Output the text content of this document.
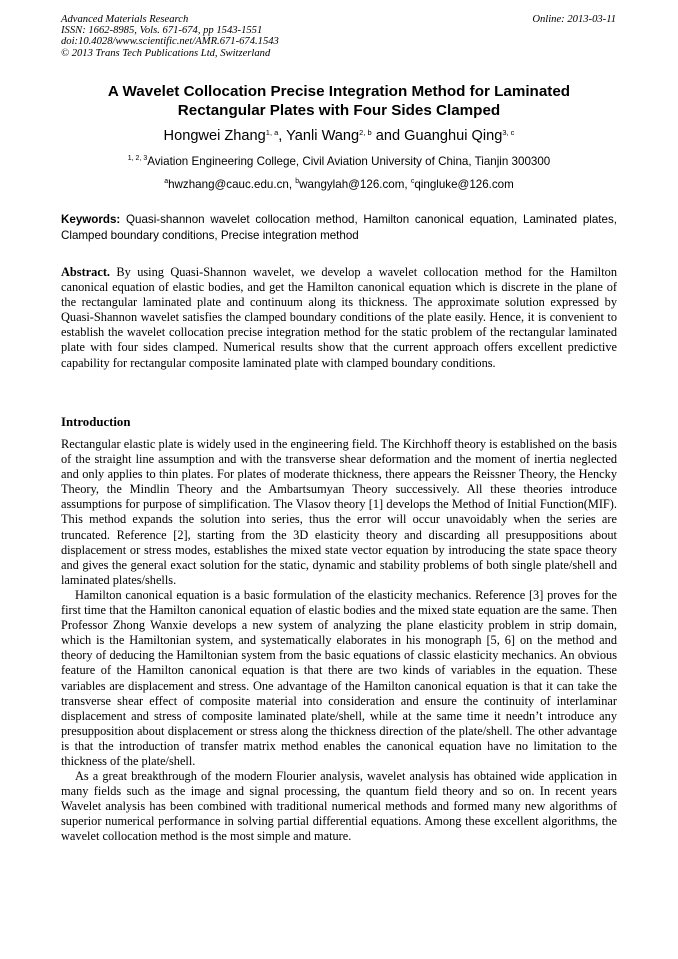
Advanced Materials Research
ISSN: 1662-8985, Vols. 671-674, pp 1543-1551
doi:10.4028/www.scientific.net/AMR.671-674.1543
© 2013 Trans Tech Publications Ltd, Switzerland
Online: 2013-03-11
A Wavelet Collocation Precise Integration Method for Laminated
Rectangular Plates with Four Sides Clamped
Hongwei Zhang$^{1, a}$, Yanli Wang$^{2, b}$ and Guanghui Qing$^{3, c}$
$^{1, 2, 3}$Aviation Engineering College, Civil Aviation University of China, Tianjin 300300
$^a$hwzhang@cauc.edu.cn, $^b$wangylah@126.com, $^c$qingluke@126.com
Keywords: Quasi-shannon wavelet collocation method, Hamilton canonical equation, Laminated plates, Clamped boundary conditions, Precise integration method
Abstract. By using Quasi-Shannon wavelet, we develop a wavelet collocation method for the Hamilton canonical equation of elastic bodies, and get the Hamilton canonical equation which is discrete in the plane of the rectangular laminated plate and continuum along its thickness. The approximate solution expressed by Quasi-Shannon wavelet satisfies the clamped boundary conditions of the plate easily. Hence, it is convenient to establish the wavelet collocation precise integration method for the static problem of the rectangular laminated plate with four sides clamped. Numerical results show that the current approach offers excellent predictive capability for rectangular composite laminated plate with clamped boundary conditions.
Introduction

Rectangular elastic plate is widely used in the engineering field. The Kirchhoff theory is established on the basis of the straight line assumption and with the transverse shear deformation and the moment of inertia neglected and only applies to thin plates. For plates of moderate thickness, there appears the Reissner Theory, the Hencky Theory, the Mindlin Theory and the Ambartsumyan Theory successively. All these theories introduce assumptions for purpose of simplification. The Vlasov theory [1] develops the Method of Initial Function(MIF). This method expands the solution into series, thus the error will occur unavoidably when the series are truncated. Reference [2], starting from the 3D elasticity theory and discarding all presuppositions about displacement or stress modes, establishes the mixed state vector equation by introducing the state space theory and gives the general exact solution for the static, dynamic and stability problems of both single plate/shell and laminated plates/shells.

Hamilton canonical equation is a basic formulation of the elasticity mechanics. Reference [3] proves for the first time that the Hamilton canonical equation of elastic bodies and the mixed state equation are the same. Then Professor Zhong Wanxie develops a new system of analyzing the plane elasticity problem in strip domain, which is the Hamiltonian system, and systematically elaborates in his monograph [5, 6] on the method and theory of deducing the Hamiltonian system from the basic equations of classic elasticity mechanics. An obvious feature of the Hamilton canonical equation is that there are two kinds of variables in the equation. These variables are displacement and stress. One advantage of the Hamilton canonical equation is that it can take the transverse shear effect of composite material into consideration and ensure the continuity of interlaminar displacement and stress of composite laminated plate/shell, while at the same time it needn’t introduce any presupposition about displacement or stress along the thickness direction of the plate/shell. The other advantage is that the introduction of transfer matrix method enables the canonical equation have no limitation to the thickness of the plate/shell.

As a great breakthrough of the modern Flourier analysis, wavelet analysis has obtained wide application in many fields such as the image and signal processing, the quantum field theory and so on. In recent years Wavelet analysis has been combined with traditional numerical methods and formed many new algorithms of superior numerical performance in solving partial differential equations. Among these excellent algorithms, the wavelet collocation method is the most simple and mature.
